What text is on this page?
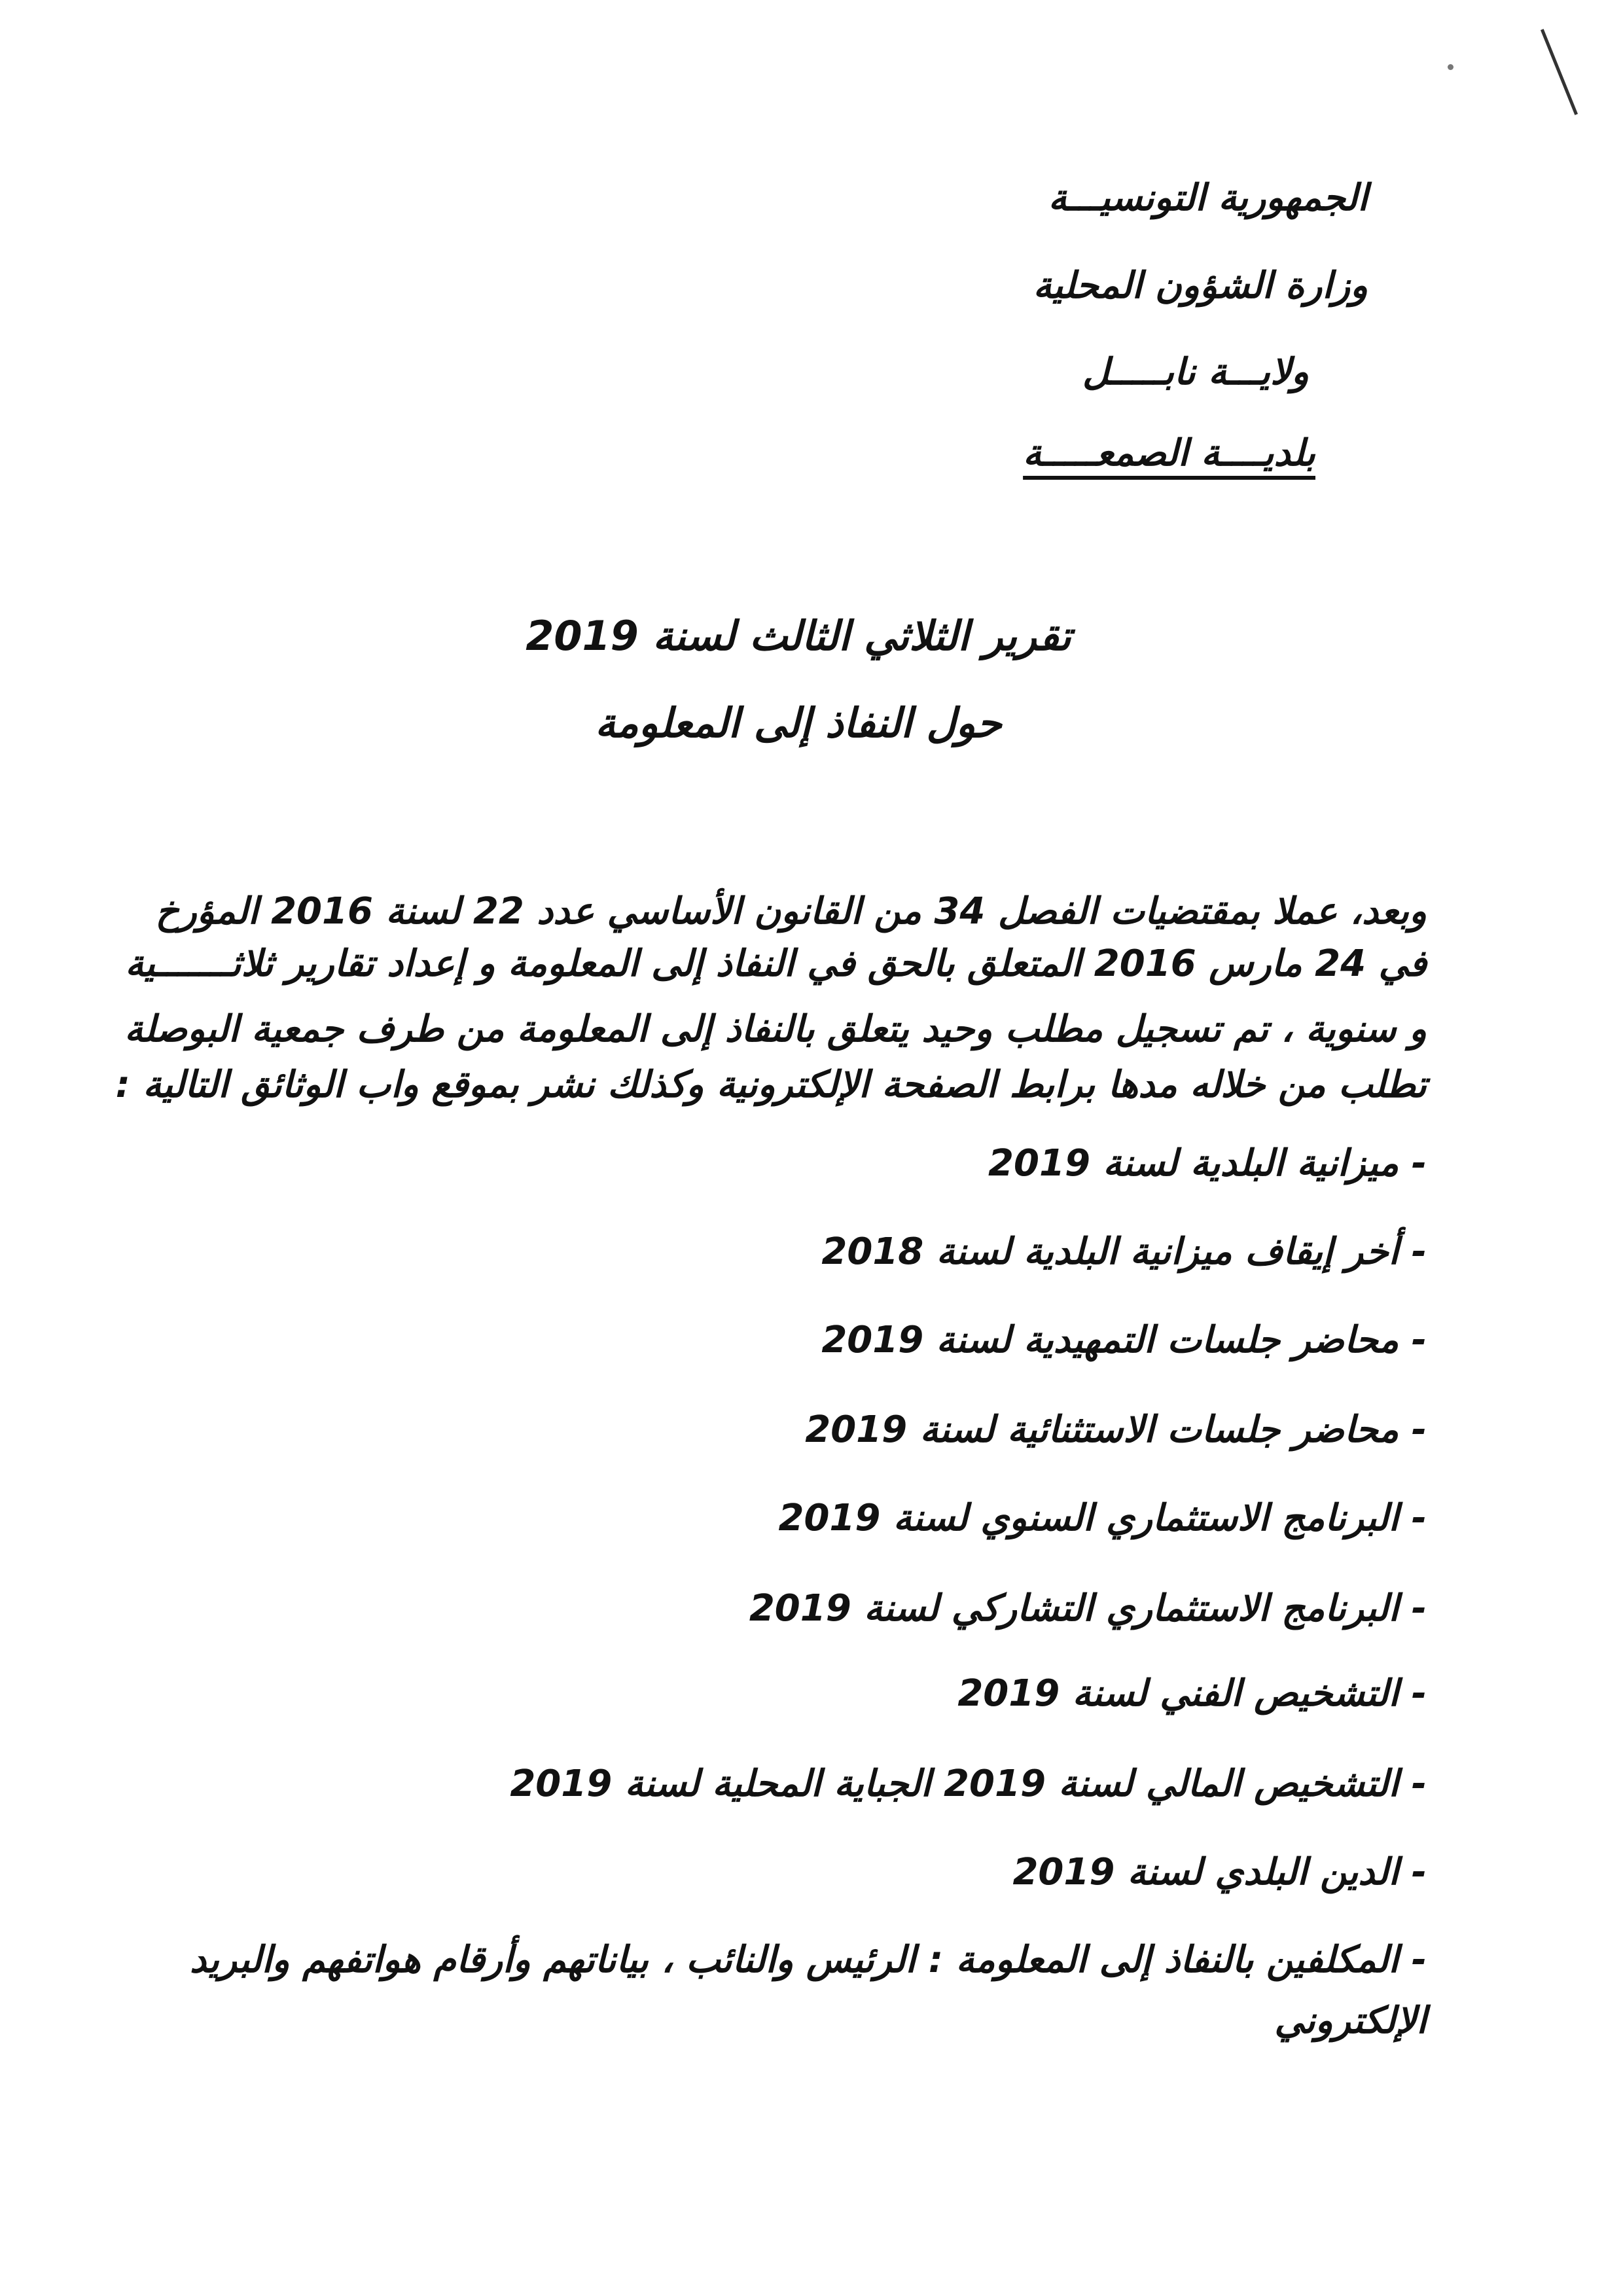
الجمهورية التونسيـــة
وزارة الشؤون المحلية
ولايـــة نابـــــل
بلديــــة الصمعـــــة
تقرير الثلاثي الثالث لسنة 2019
حول النفاذ إلى المعلومة
وبعد، عملا بمقتضيات الفصل 34 من القانون الأساسي عدد 22 لسنة 2016 المؤرخ
في 24 مارس 2016 المتعلق بالحق في النفاذ إلى المعلومة و إعداد تقارير ثلاثـــــــية
و سنوية ، تم تسجيل مطلب وحيد يتعلق بالنفاذ إلى المعلومة من طرف جمعية البوصلة
تطلب من خلاله مدها برابط الصفحة الإلكترونية وكذلك نشر بموقع واب الوثائق التالية :
- ميزانية البلدية لسنة 2019
- أخر إيقاف ميزانية البلدية لسنة 2018
- محاضر جلسات التمهيدية لسنة 2019
- محاضر جلسات الاستثنائية لسنة 2019
- البرنامج الاستثماري السنوي لسنة 2019
- البرنامج الاستثماري التشاركي لسنة 2019
- التشخيص الفني لسنة 2019
- التشخيص المالي لسنة 2019 الجباية المحلية لسنة 2019
- الدين البلدي لسنة 2019
- المكلفين بالنفاذ إلى المعلومة : الرئيس والنائب ، بياناتهم وأرقام هواتفهم والبريد
الإلكتروني
